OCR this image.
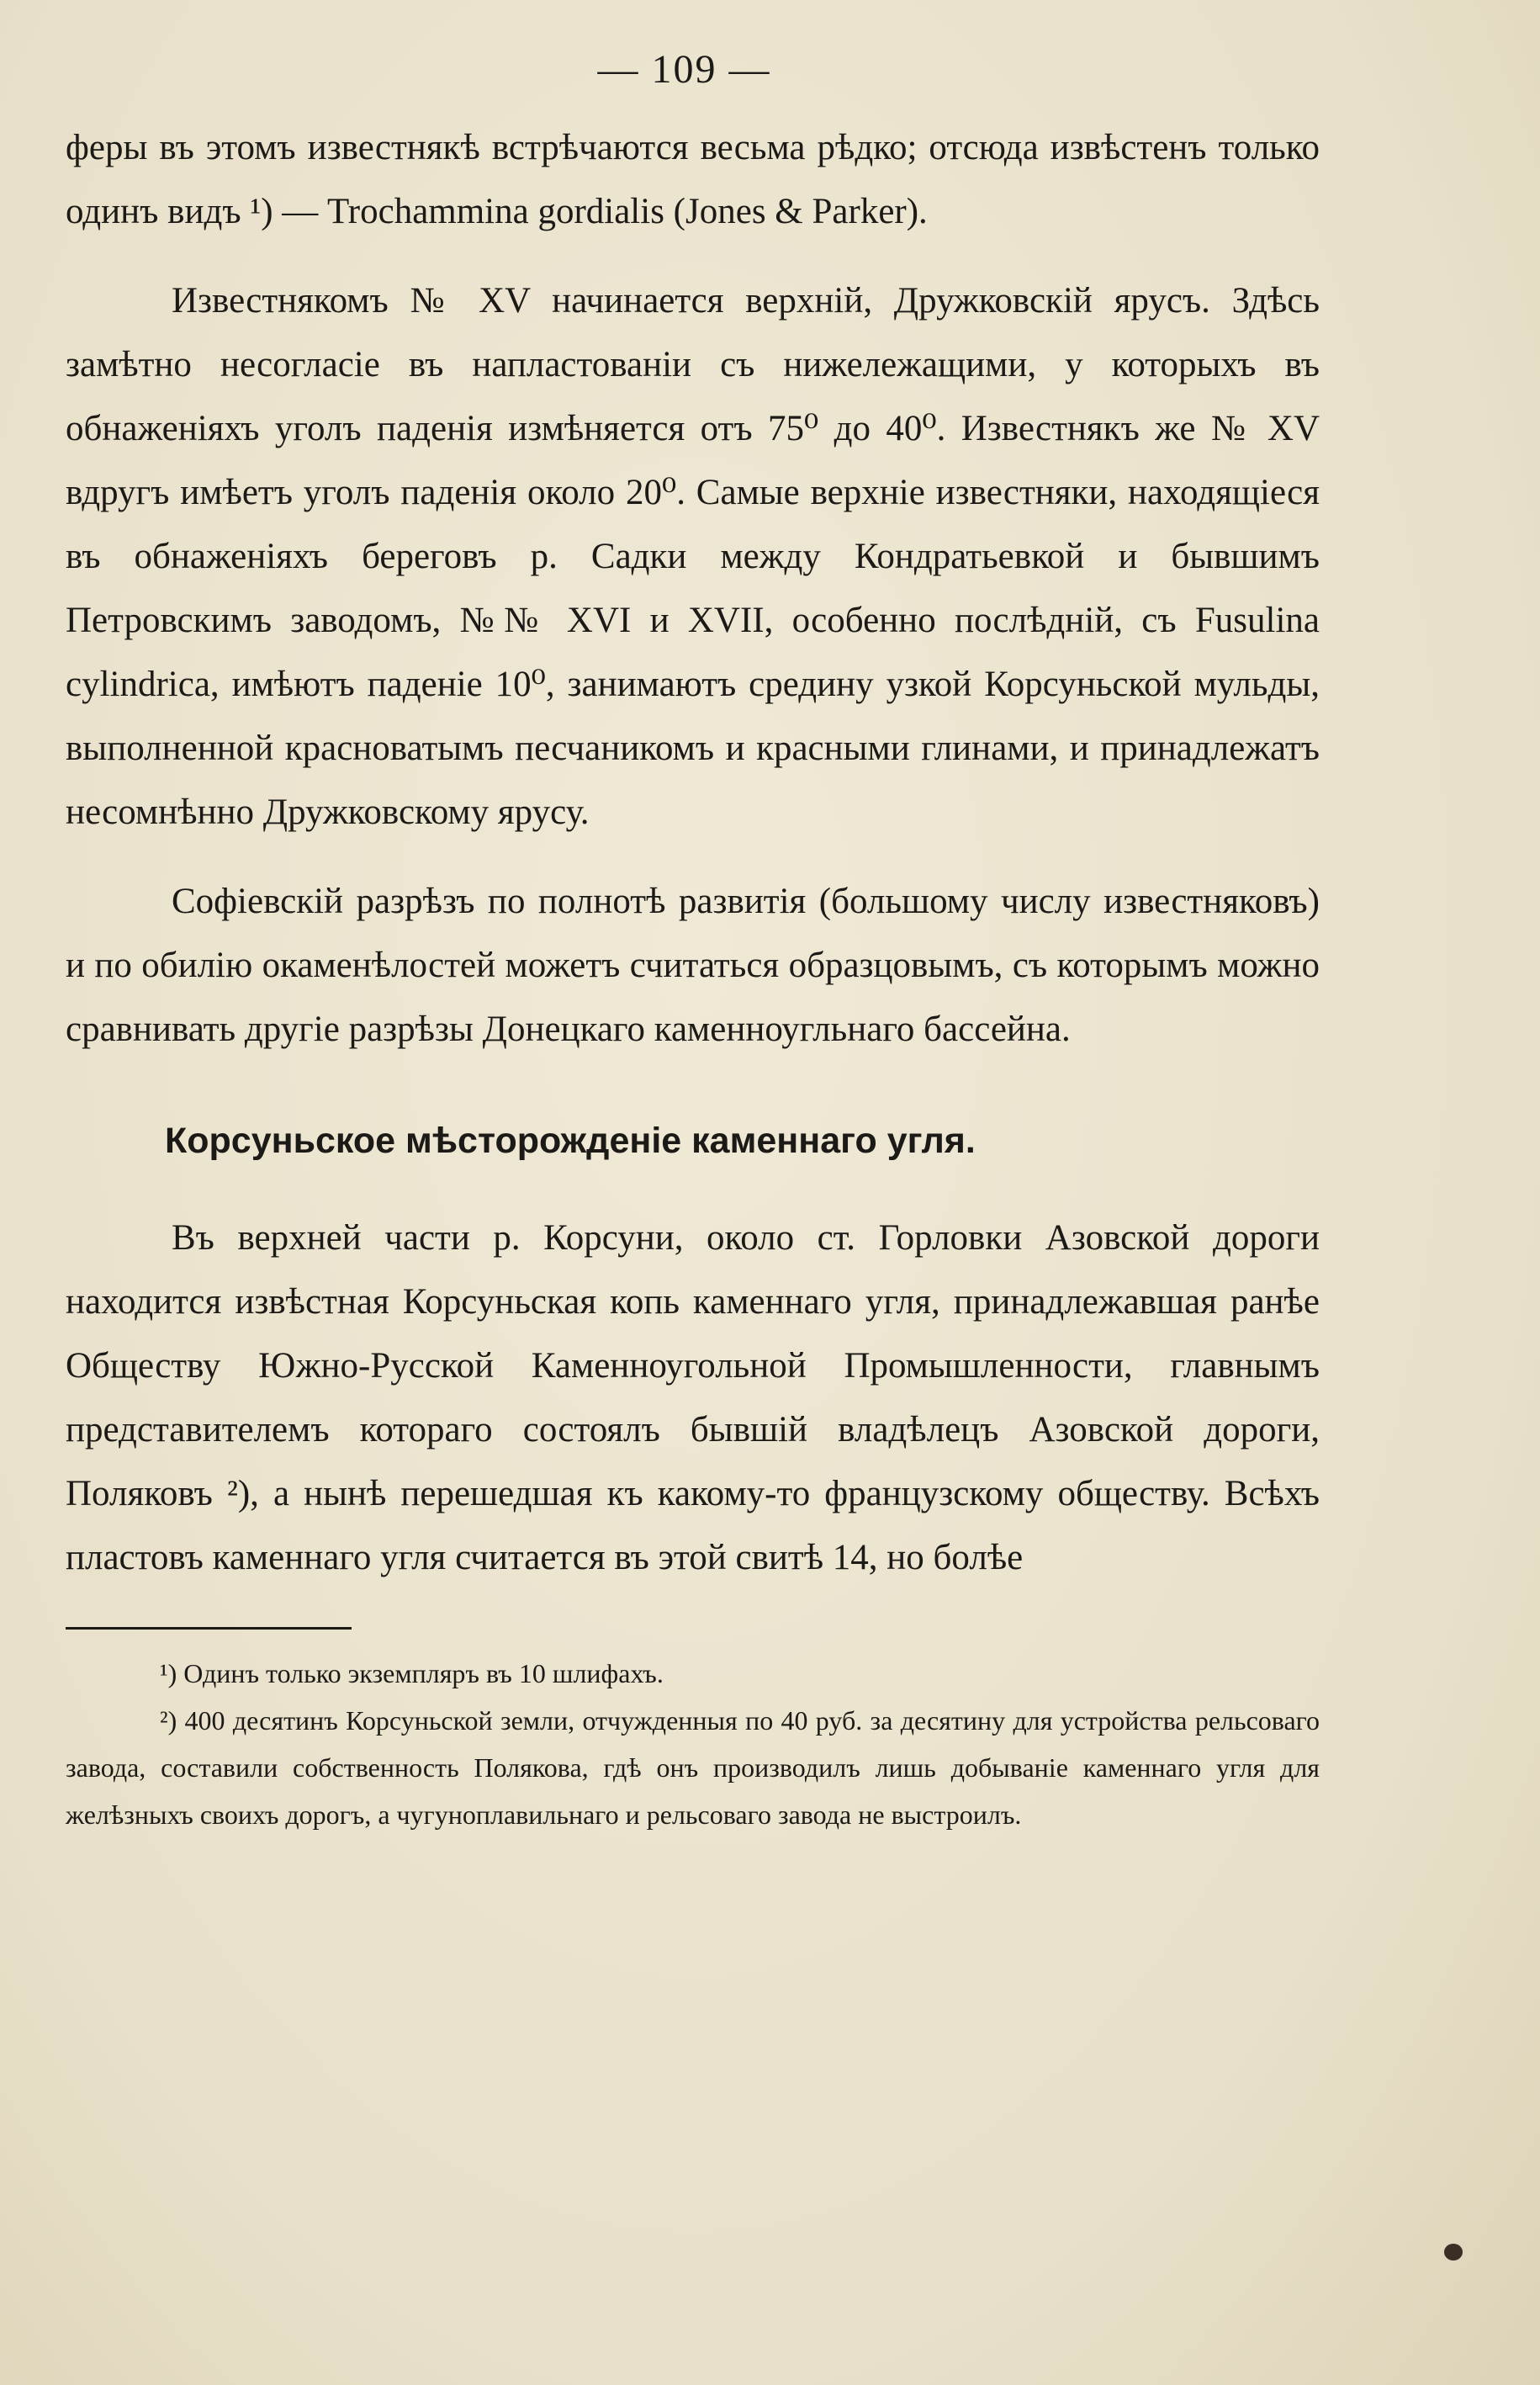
— 109 —

феры въ этомъ известнякѣ встрѣчаются весьма рѣдко; отсюда извѣстенъ только одинъ видъ ¹) — Trochammina gordialis (Jones & Parker).

Известнякомъ № XV начинается верхній, Дружковскій ярусъ. Здѣсь замѣтно несогласіе въ напластованіи съ нижележащими, у которыхъ въ обнаженіяхъ уголъ паденія измѣняется отъ 75⁰ до 40⁰. Известнякъ же № XV вдругъ имѣетъ уголъ паденія около 20⁰. Самые верхніе известняки, находящіеся въ обнаженіяхъ береговъ р. Садки между Кондратьевкой и бывшимъ Петровскимъ заводомъ, №№ XVI и XVII, особенно послѣдній, съ Fusulina cylindrica, имѣютъ паденіе 10⁰, занимаютъ средину узкой Корсуньской мульды, выполненной красноватымъ песчаникомъ и красными глинами, и принадлежатъ несомнѣнно Дружковскому ярусу.

Софіевскій разрѣзъ по полнотѣ развитія (большому числу известняковъ) и по обилію окаменѣлостей можетъ считаться образцовымъ, съ которымъ можно сравнивать другіе разрѣзы Донецкаго каменноугльнаго бассейна.

Корсуньское мѣсторожденіе каменнаго угля.

Въ верхней части р. Корсуни, около ст. Горловки Азовской дороги находится извѣстная Корсуньская копь каменнаго угля, принадлежавшая ранѣе Обществу Южно-Русской Каменноугольной Промышленности, главнымъ представителемъ котораго состоялъ бывшій владѣлецъ Азовской дороги, Поляковъ ²), а нынѣ перешедшая къ какому-то французскому обществу. Всѣхъ пластовъ каменнаго угля считается въ этой свитѣ 14, но болѣе

¹) Одинъ только экземпляръ въ 10 шлифахъ.

²) 400 десятинъ Корсуньской земли, отчужденныя по 40 руб. за десятину для устройства рельсоваго завода, составили собственность Полякова, гдѣ онъ производилъ лишь добываніе каменнаго угля для желѣзныхъ своихъ дорогъ, а чугуноплавильнаго и рельсоваго завода не выстроилъ.
